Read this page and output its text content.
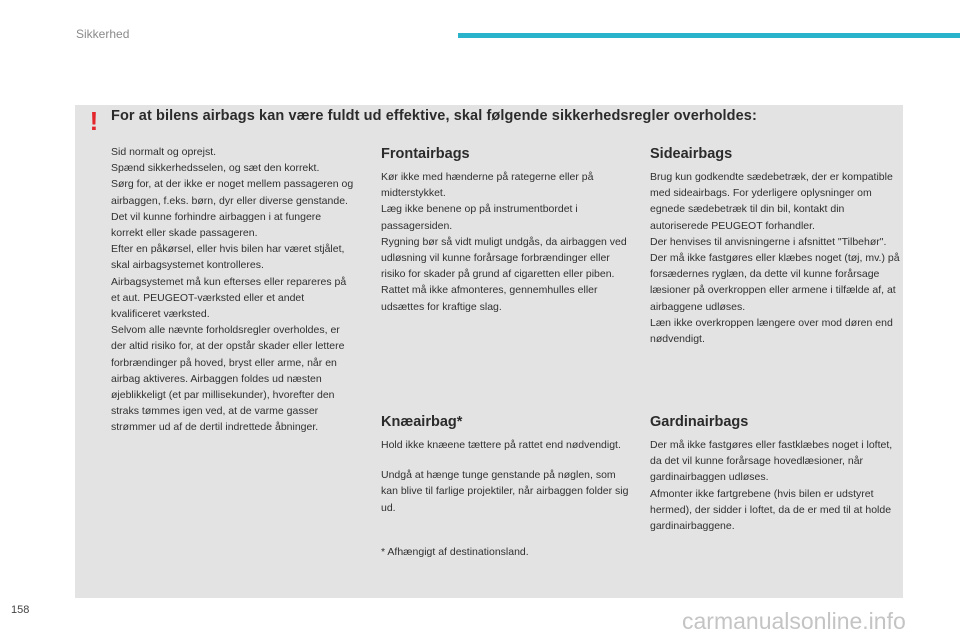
Sikkerhed
! For at bilens airbags kan være fuldt ud effektive, skal følgende sikkerhedsregler overholdes:

Sid normalt og oprejst.
Spænd sikkerhedsselen, og sæt den korrekt.
Sørg for, at der ikke er noget mellem passageren og airbaggen, f.eks. børn, dyr eller diverse genstande. Det vil kunne forhindre airbaggen i at fungere korrekt eller skade passageren.
Efter en påkørsel, eller hvis bilen har været stjålet, skal airbagsystemet kontrolleres.
Airbagsystemet må kun efterses eller repareres på et aut. PEUGEOT-værksted eller et andet kvalificeret værksted.
Selvom alle nævnte forholdsregler overholdes, er der altid risiko for, at der opstår skader eller lettere forbrændinger på hoved, bryst eller arme, når en airbag aktiveres. Airbaggen foldes ud næsten øjeblikkeligt (et par millisekunder), hvorefter den straks tømmes igen ved, at de varme gasser strømmer ud af de dertil indrettede åbninger.

Frontairbags

Kør ikke med hænderne på rategerne eller på midterstykket.
Læg ikke benene op på instrumentbordet i passagersiden.
Rygning bør så vidt muligt undgås, da airbaggen ved udløsning vil kunne forårsage forbrændinger eller risiko for skader på grund af cigaretten eller piben.
Rattet må ikke afmonteres, gennemhulles eller udsættes for kraftige slag.

Knæairbag*

Hold ikke knæene tættere på rattet end nødvendigt.

Undgå at hænge tunge genstande på nøglen, som kan blive til farlige projektiler, når airbaggen folder sig ud.

* Afhængigt af destinationsland.

Sideairbags

Brug kun godkendte sædebetræk, der er kompatible med sideairbags. For yderligere oplysninger om egnede sædebetræk til din bil, kontakt din autoriserede PEUGEOT forhandler.
Der henvises til anvisningerne i afsnittet "Tilbehør".
Der må ikke fastgøres eller klæbes noget (tøj, mv.) på forsædernes ryglæn, da dette vil kunne forårsage læsioner på overkroppen eller armene i tilfælde af, at airbaggene udløses.
Læn ikke overkroppen længere over mod døren end nødvendigt.

Gardinairbags

Der må ikke fastgøres eller fastklæbes noget i loftet, da det vil kunne forårsage hovedlæsioner, når gardinairbaggen udløses.
Afmonter ikke fartgrebene (hvis bilen er udstyret hermed), der sidder i loftet, da de er med til at holde gardinairbaggene.

158	carmanualsonline.info
